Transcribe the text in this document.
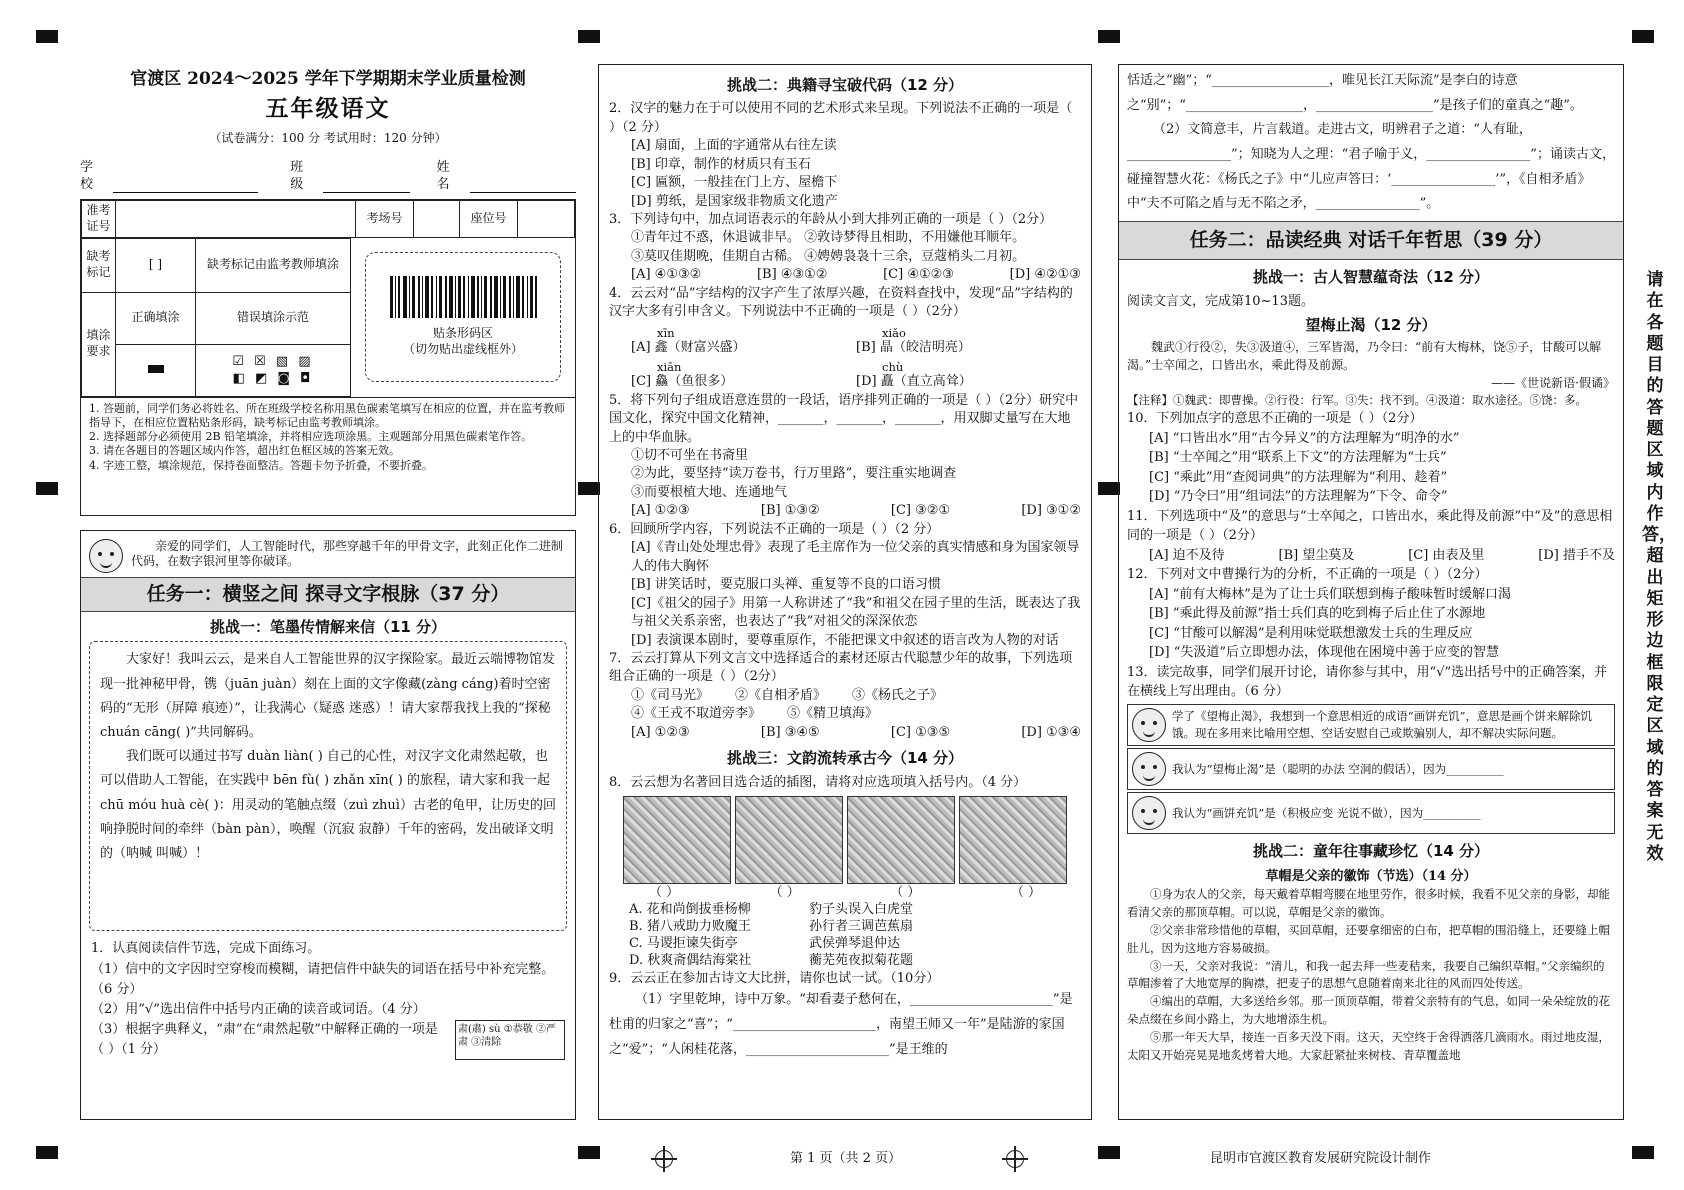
官渡区 2024～2025 学年下学期期末学业质量检测
五年级语文
（试卷满分：100 分 考试用时：120 分钟）
学校
班级
姓名
准考证号		考场号		座位号	
缺考标记	[ ]	缺考标记由监考教师填涂
填涂要求	正确填涂	错误填涂示范
		☑ ☒ ▧ ▨
◧ ◩ ◙ ◘
贴条形码区
（切勿贴出虚线框外）
1. 答题前，同学们务必将姓名、所在班级学校名称用黑色碳素笔填写在相应的位置，并在监考教师指导下，在相应位置粘贴条形码，缺考标记由监考教师填涂。
2. 选择题部分必须使用 2B 铅笔填涂，并将相应选项涂黑。主观题部分用黑色碳素笔作答。
3. 请在各题目的答题区域内作答，超出红色框区域的答案无效。
4. 字迹工整，填涂规范，保持卷面整洁。答题卡勿予折叠，不要折叠。
亲爱的同学们，人工智能时代，那些穿越千年的甲骨文字，此刻正化作二进制代码，在数字银河里等你破译。
任务一：横竖之间 探寻文字根脉（37 分）
挑战一：笔墨传情解来信（11 分）
大家好！我叫云云，是来自人工智能世界的汉字探险家。最近云端博物馆发现一批神秘甲骨，镌（juān juàn）刻在上面的文字像藏(zàng cáng)着时空密码的“无形（屏障 痕迹）”，让我满心（疑惑 迷惑）！请大家帮我找上我的“探秘 chuán cāng( )”共同解码。
我们既可以通过书写 duàn liàn( ) 自己的心性，对汉字文化肃然起敬，也可以借助人工智能，在实践中 bēn fù( ) zhǎn xīn( ) 的旅程，请大家和我一起 chū móu huà cè( )：用灵动的笔触点缀（zuì zhuì）古老的龟甲，让历史的回响挣脱时间的牵绊（bàn pàn），唤醒（沉寂 寂静）千年的密码，发出破译文明的（呐喊 叫喊）！
1．认真阅读信件节选，完成下面练习。
（1）信中的文字因时空穿梭而模糊，请把信件中缺失的词语在括号中补充完整。（6 分）
（2）用“√”选出信件中括号内正确的读音或词语。（4 分）
（3）根据字典释义，“肃”在“肃然起敬”中解释正确的一项是（ ）（1 分）
肃(肅) sù ①恭敬 ②严肃 ③清除
挑战二：典籍寻宝破代码（12 分）
2．汉字的魅力在于可以使用不同的艺术形式来呈现。下列说法不正确的一项是（ ）（2 分）
[A] 扇面，上面的字通常从右往左读
[B] 印章，制作的材质只有玉石
[C] 匾额，一般挂在门上方、屋檐下
[D] 剪纸，是国家级非物质文化遗产
3．下列诗句中，加点词语表示的年龄从小到大排列正确的一项是（ ）（2分）
①青年过不惑，休退诚非早。 ②敦诗梦得且相助，不用嫌他耳顺年。
③莫叹佳期晚，佳期自古稀。 ④娉娉袅袅十三余，豆蔻梢头二月初。
[A] ④①③②	[B] ④③①②	[C] ④①②③	[D] ④②①③
4．云云对“品”字结构的汉字产生了浓厚兴趣，在资料查找中，发现“品”字结构的汉字大多有引申含义。下列说法中不正确的一项是（ ）（2分）
xīn	xiǎo
[A] 鑫（财富兴盛）	[B] 晶（皎洁明亮）
xiān	chù
[C] 鱻（鱼很多）	[D] 矗（直立高耸）
5．将下列句子组成语意连贯的一段话，语序排列正确的一项是（ ）（2分）研究中国文化，探究中国文化精神，_______，_______，_______，用双脚丈量写在大地上的中华血脉。
①切不可坐在书斋里
②为此，要坚持“读万卷书，行万里路”，要注重实地调查
③而要根植大地、连通地气
[A] ①②③	[B] ①③②	[C] ③②①	[D] ③①②
6．回顾所学内容，下列说法不正确的一项是（ ）（2 分）
[A]《青山处处埋忠骨》表现了毛主席作为一位父亲的真实情感和身为国家领导人的伟大胸怀
[B] 讲笑话时，要克服口头禅、重复等不良的口语习惯
[C]《祖父的园子》用第一人称讲述了“我”和祖父在园子里的生活，既表达了我与祖父关系亲密，也表达了“我”对祖父的深深依恋
[D] 表演课本剧时，要尊重原作，不能把课文中叙述的语言改为人物的对话
7．云云打算从下列文言文中选择适合的素材还原古代聪慧少年的故事，下列选项组合正确的一项是（ ）（2分）
①《司马光》 ②《自相矛盾》 ③《杨氏之子》
④《王戎不取道旁李》 ⑤《精卫填海》
[A] ①②③	[B] ③④⑤	[C] ①③⑤	[D] ①③④
挑战三：文韵流转承古今（14 分）
8．云云想为名著回目选合适的插图，请将对应选项填入括号内。（4 分）
（ ）	（ ）	（ ）	（ ）
A. 花和尚倒拔垂杨柳	豹子头误入白虎堂
B. 猪八戒助力败魔王	孙行者三调芭蕉扇
C. 马谡拒谏失街亭	武侯弹琴退仲达
D. 秋爽斋偶结海棠社	蘅芜苑夜拟菊花题
9．云云正在参加古诗文大比拼，请你也试一试。（10分）
（1）字里乾坤，诗中万象。“却看妻子愁何在，______________________”是杜甫的归家之“喜”；“______________________，南望王师又一年”是陆游的家国之“爱”；“人闲桂花落，______________________”是王维的
恬适之“幽”；“__________________，唯见长江天际流”是李白的诗意之“别”；“__________________，__________________”是孩子们的童真之“趣”。
（2）文简意丰，片言载道。走进古文，明辨君子之道：“人有耻，________________”；知晓为人之理：“君子喻于义，________________”；诵读古文，碰撞智慧火花：《杨氏之子》中“儿应声答曰：‘________________’”，《自相矛盾》中“夫不可陷之盾与无不陷之矛，________________”。
任务二：品读经典 对话千年哲思（39 分）
挑战一：古人智慧蕴奇法（12 分）
阅读文言文，完成第10~13题。
望梅止渴（12 分）
魏武①行役②，失③汲道④，三军皆渴，乃令曰：“前有大梅林，饶⑤子，甘酸可以解渴。”士卒闻之，口皆出水，乘此得及前源。
——《世说新语·假谲》
【注释】①魏武：即曹操。②行役：行军。③失：找不到。④汲道：取水途径。⑤饶：多。
10．下列加点字的意思不正确的一项是（ ）（2分）
[A] “口皆出水”用“古今异义”的方法理解为“明净的水”
[B] “士卒闻之”用“联系上下文”的方法理解为“士兵”
[C] “乘此”用“查阅词典”的方法理解为“利用、趁着”
[D] “乃令曰”用“组词法”的方法理解为“下令、命令”
11．下列选项中“及”的意思与“士卒闻之，口皆出水，乘此得及前源”中“及”的意思相同的一项是（ ）（2分）
[A] 迫不及待	[B] 望尘莫及	[C] 由表及里	[D] 措手不及
12．下列对文中曹操行为的分析，不正确的一项是（ ）（2分）
[A] “前有大梅林”是为了让士兵们联想到梅子酸味暂时缓解口渴
[B] “乘此得及前源”指士兵们真的吃到梅子后止住了水源地
[C] “甘酸可以解渴”是利用味觉联想激发士兵的生理反应
[D] “失汲道”后立即想办法，体现他在困境中善于应变的智慧
13．读完故事，同学们展开讨论，请你参与其中，用“√”选出括号中的正确答案，并在横线上写出理由。（6 分）
学了《望梅止渴》，我想到一个意思相近的成语“画饼充饥”，意思是画个饼来解除饥饿。现在多用来比喻用空想、空话安慰自己或欺骗别人，却不解决实际问题。
我认为“望梅止渴”是（聪明的办法 空洞的假话），因为__________
我认为“画饼充饥”是（积极应变 光说不做），因为__________
挑战二：童年往事藏珍忆（14 分）
草帽是父亲的徽饰（节选）（14 分）
①身为农人的父亲，每天戴着草帽弯腰在地里劳作，很多时候，我看不见父亲的身影，却能看清父亲的那顶草帽。可以说，草帽是父亲的徽饰。
②父亲非常珍惜他的草帽，买回草帽，还要拿细密的白布，把草帽的围沿缝上，还要缝上帽肚儿，因为这地方容易破损。
③一天，父亲对我说：“清儿，和我一起去拜一些麦秸来，我要自己编织草帽。”父亲编织的草帽渗着了大地宽厚的胸襟，把麦子的思想气息随着南来北往的风而四处传送。
④编出的草帽，大多送给乡邻。那一顶顶草帽，带着父亲特有的气息，如同一朵朵绽放的花朵点缀在乡间小路上，为大地增添生机。
⑤那一年天大旱，接连一百多天没下雨。这天，天空终于舍得洒落几滴雨水。雨过地皮湿，太阳又开始亮晃晃地炙烤着大地。大家赶紧扯来树枝、青草覆盖地
请在各题目的答题区域内作答，超出矩形边框限定区域的答案无效
第 1 页（共 2 页）	昆明市官渡区教育发展研究院设计制作
